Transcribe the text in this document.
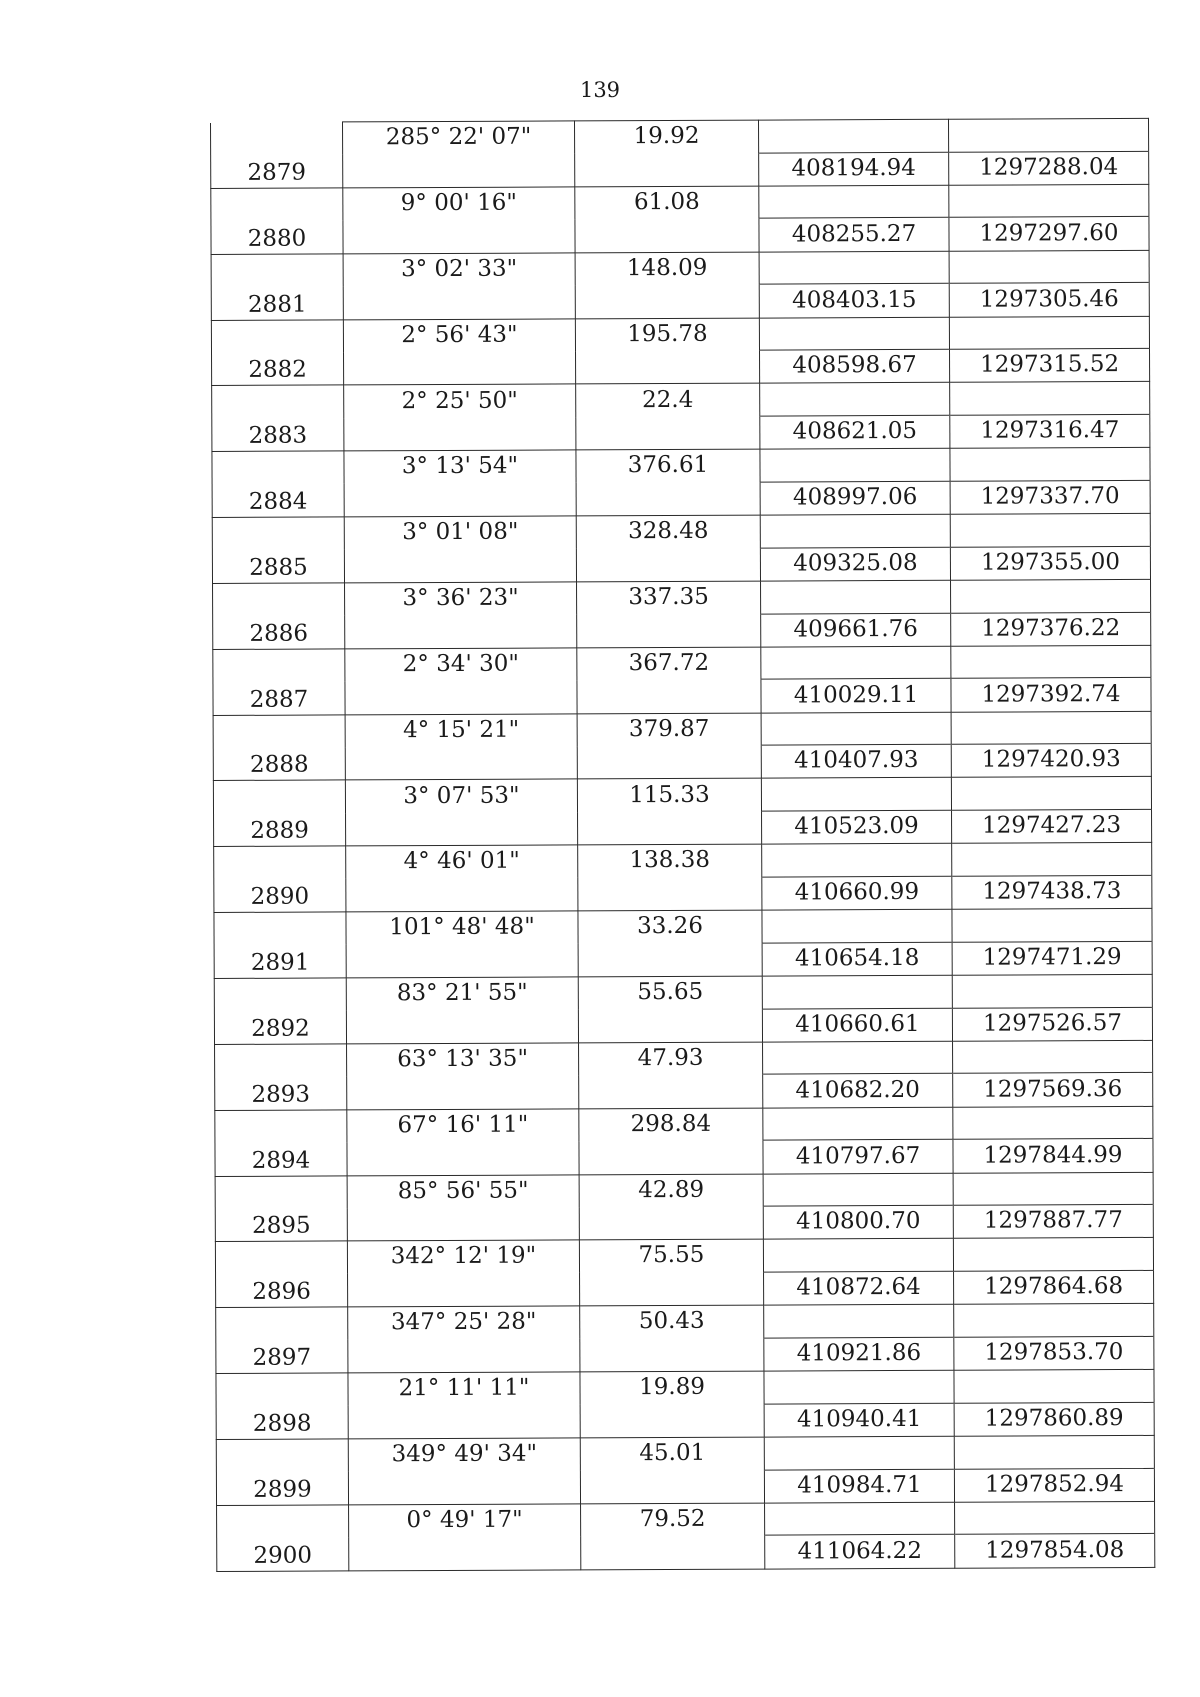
139

	285° 22' 07"	19.92		

2879			408194.94	1297288.04

	9° 00' 16"	61.08		

2880			408255.27	1297297.60

	3° 02' 33"	148.09		

2881			408403.15	1297305.46

	2° 56' 43"	195.78		

2882			408598.67	1297315.52

	2° 25' 50"	22.4		

2883			408621.05	1297316.47

	3° 13' 54"	376.61		

2884			408997.06	1297337.70

	3° 01' 08"	328.48		

2885			409325.08	1297355.00

	3° 36' 23"	337.35		

2886			409661.76	1297376.22

	2° 34' 30"	367.72		

2887			410029.11	1297392.74

	4° 15' 21"	379.87		

2888			410407.93	1297420.93

	3° 07' 53"	115.33		

2889			410523.09	1297427.23

	4° 46' 01"	138.38		

2890			410660.99	1297438.73

	101° 48' 48"	33.26		

2891			410654.18	1297471.29

	83° 21' 55"	55.65		

2892			410660.61	1297526.57

	63° 13' 35"	47.93		

2893			410682.20	1297569.36

	67° 16' 11"	298.84		

2894			410797.67	1297844.99

	85° 56' 55"	42.89		

2895			410800.70	1297887.77

	342° 12' 19"	75.55		

2896			410872.64	1297864.68

	347° 25' 28"	50.43		

2897			410921.86	1297853.70

	21° 11' 11"	19.89		

2898			410940.41	1297860.89

	349° 49' 34"	45.01		

2899			410984.71	1297852.94

	0° 49' 17"	79.52		

2900			411064.22	1297854.08
